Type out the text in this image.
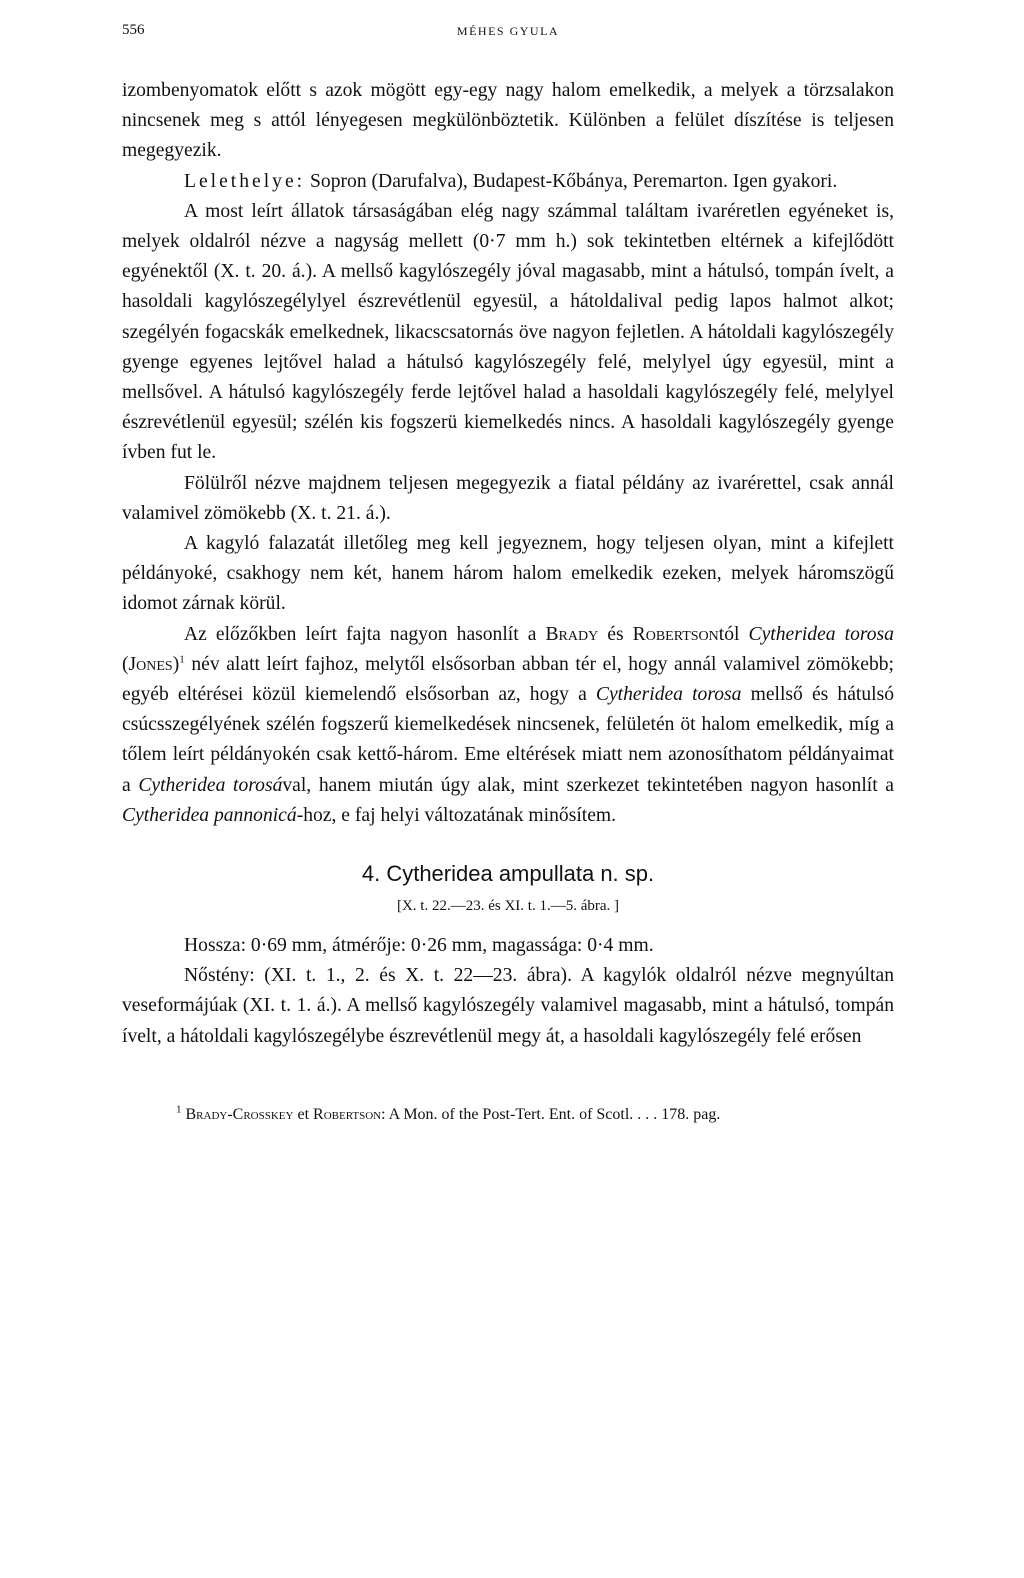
556	MÉHES GYULA

izombenyomatok előtt s azok mögött egy-egy nagy halom emelkedik, a melyek a törzsalakon nincsenek meg s attól lényegesen megkülönböztetik. Különben a felület díszítése is teljesen megegyezik.

Lelethelye: Sopron (Darufalva), Budapest-Kőbánya, Peremarton. Igen gyakori.

A most leírt állatok társaságában elég nagy számmal találtam ivaréretlen egyéneket is, melyek oldalról nézve a nagyság mellett (0·7 mm h.) sok tekintetben eltérnek a kifejlődött egyénektől (X. t. 20. á.). A mellső kagylószegély jóval magasabb, mint a hátulsó, tompán ívelt, a hasoldali kagylószegélylyel észrevétlenül egyesül, a hátoldalival pedig lapos halmot alkot; szegélyén fogacskák emelkednek, likacscsatornás öve nagyon fejletlen. A hátoldali kagylószegély gyenge egyenes lejtővel halad a hátulsó kagylószegély felé, melylyel úgy egyesül, mint a mellsővel. A hátulsó kagylószegély ferde lejtővel halad a hasoldali kagylószegély felé, melylyel észrevétlenül egyesül; szélén kis fogszerü kiemelkedés nincs. A hasoldali kagylószegély gyenge ívben fut le.

Fölülről nézve majdnem teljesen megegyezik a fiatal példány az ivarérettel, csak annál valamivel zömökebb (X. t. 21. á.).

A kagyló falazatát illetőleg meg kell jegyeznem, hogy teljesen olyan, mint a kifejlett példányoké, csakhogy nem két, hanem három halom emelkedik ezeken, melyek háromszögű idomot zárnak körül.

Az előzőkben leírt fajta nagyon hasonlít a Brady és Robertsontól Cytheridea torosa (Jones)$^1$ név alatt leírt fajhoz, melytől elsősorban abban tér el, hogy annál valamivel zömökebb; egyéb eltérései közül kiemelendő elsősorban az, hogy a Cytheridea torosa mellső és hátulsó csúcsszegélyének szélén fogszerű kiemelkedések nincsenek, felületén öt halom emelkedik, míg a tőlem leírt példányokén csak kettő-három. Eme eltérések miatt nem azonosíthatom példányaimat a Cytheridea torosával, hanem miután úgy alak, mint szerkezet tekintetében nagyon hasonlít a Cytheridea pannonicá-hoz, e faj helyi változatának minősítem.

4. Cytheridea ampullata n. sp.
[X. t. 22.—23. és XI. t. 1.—5. ábra. ]

Hossza: 0·69 mm, átmérője: 0·26 mm, magassága: 0·4 mm.

Nőstény: (XI. t. 1., 2. és X. t. 22—23. ábra). A kagylók oldalról nézve megnyúltan veseformájúak (XI. t. 1. á.). A mellső kagylószegély valamivel magasabb, mint a hátulsó, tompán ívelt, a hátoldali kagylószegélybe észrevétlenül megy át, a hasoldali kagylószegély felé erősen

$^1$ Brady-Crosskey et Robertson: A Mon. of the Post-Tert. Ent. of Scotl. . . . 178. pag.
